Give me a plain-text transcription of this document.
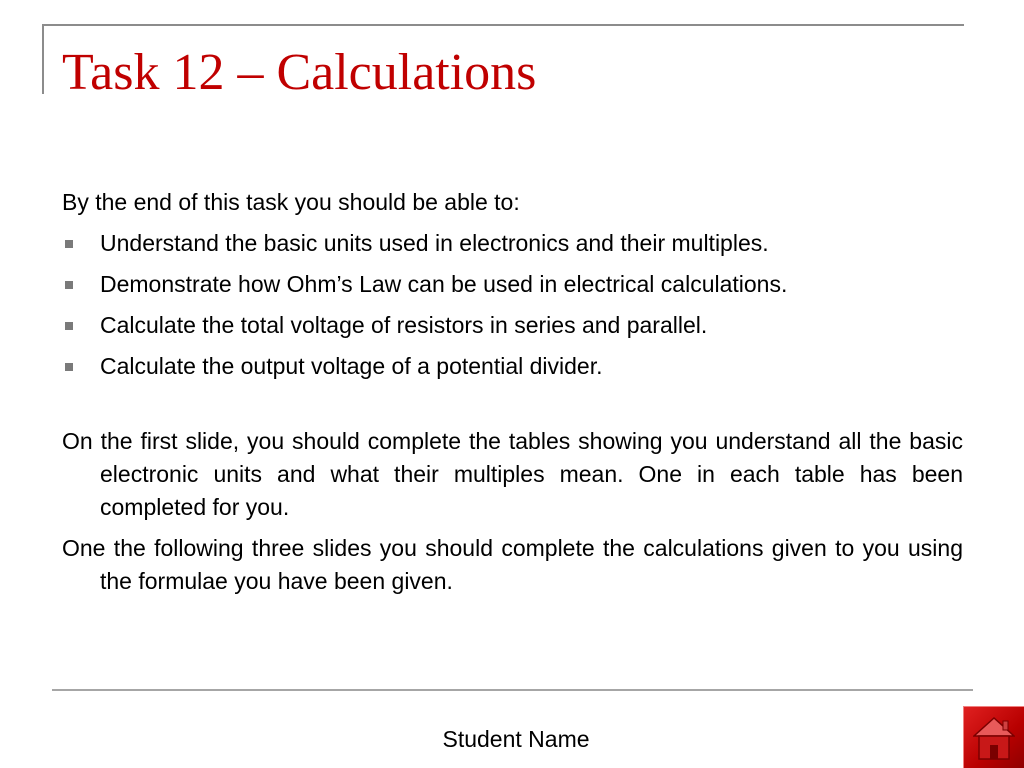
Task 12 – Calculations

By the end of this task you should be able to:

Understand the basic units used in electronics and their multiples.
Demonstrate how Ohm’s Law can be used in electrical calculations.
Calculate the total voltage of resistors in series and parallel.
Calculate the output voltage of a potential divider.

On the first slide, you should complete the tables showing you understand all the basic electronic units and what their multiples mean. One in each table has been completed for you.

One the following three slides you should complete the calculations given to you using the formulae you have been given.

Student Name
